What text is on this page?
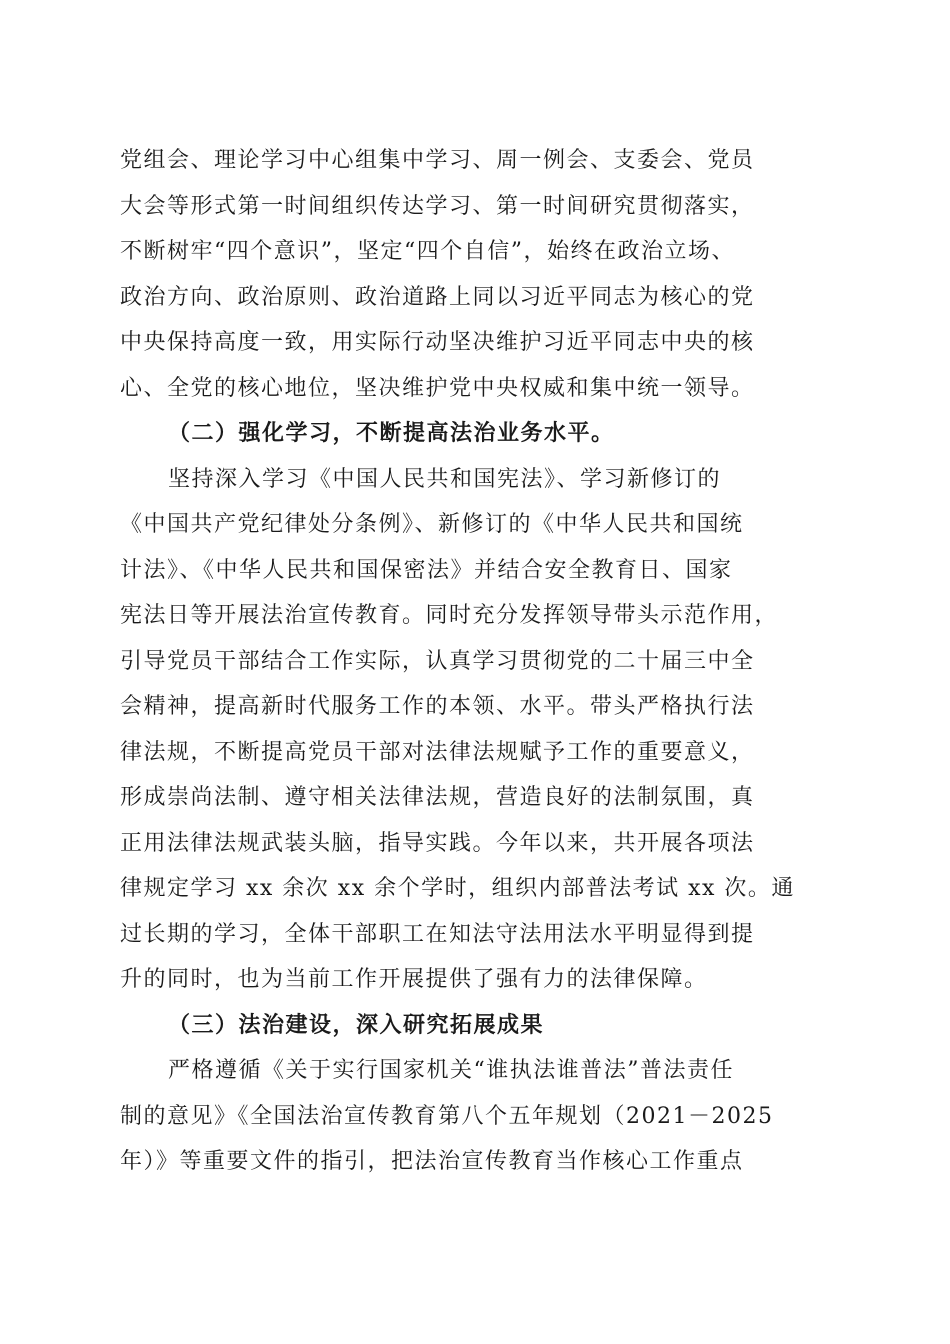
党组会、理论学习中心组集中学习、周一例会、支委会、党员

大会等形式第一时间组织传达学习、第一时间研究贯彻落实，

不断树牢“四个意识”，坚定“四个自信”，始终在政治立场、

政治方向、政治原则、政治道路上同以习近平同志为核心的党

中央保持高度一致，用实际行动坚决维护习近平同志中央的核

心、全党的核心地位，坚决维护党中央权威和集中统一领导。

（二）强化学习，不断提高法治业务水平。

坚持深入学习《中国人民共和国宪法》、学习新修订的

《中国共产党纪律处分条例》、新修订的《中华人民共和国统

计法》、《中华人民共和国保密法》并结合安全教育日、国家

宪法日等开展法治宣传教育。同时充分发挥领导带头示范作用，

引导党员干部结合工作实际，认真学习贯彻党的二十届三中全

会精神，提高新时代服务工作的本领、水平。带头严格执行法

律法规，不断提高党员干部对法律法规赋予工作的重要意义，

形成崇尚法制、遵守相关法律法规，营造良好的法制氛围，真

正用法律法规武装头脑，指导实践。今年以来，共开展各项法

律规定学习 xx 余次 xx 余个学时，组织内部普法考试 xx 次。通

过长期的学习，全体干部职工在知法守法用法水平明显得到提

升的同时，也为当前工作开展提供了强有力的法律保障。

（三）法治建设，深入研究拓展成果

严格遵循《关于实行国家机关“谁执法谁普法”普法责任

制的意见》《全国法治宣传教育第八个五年规划（2021－2025

年）》等重要文件的指引，把法治宣传教育当作核心工作重点
